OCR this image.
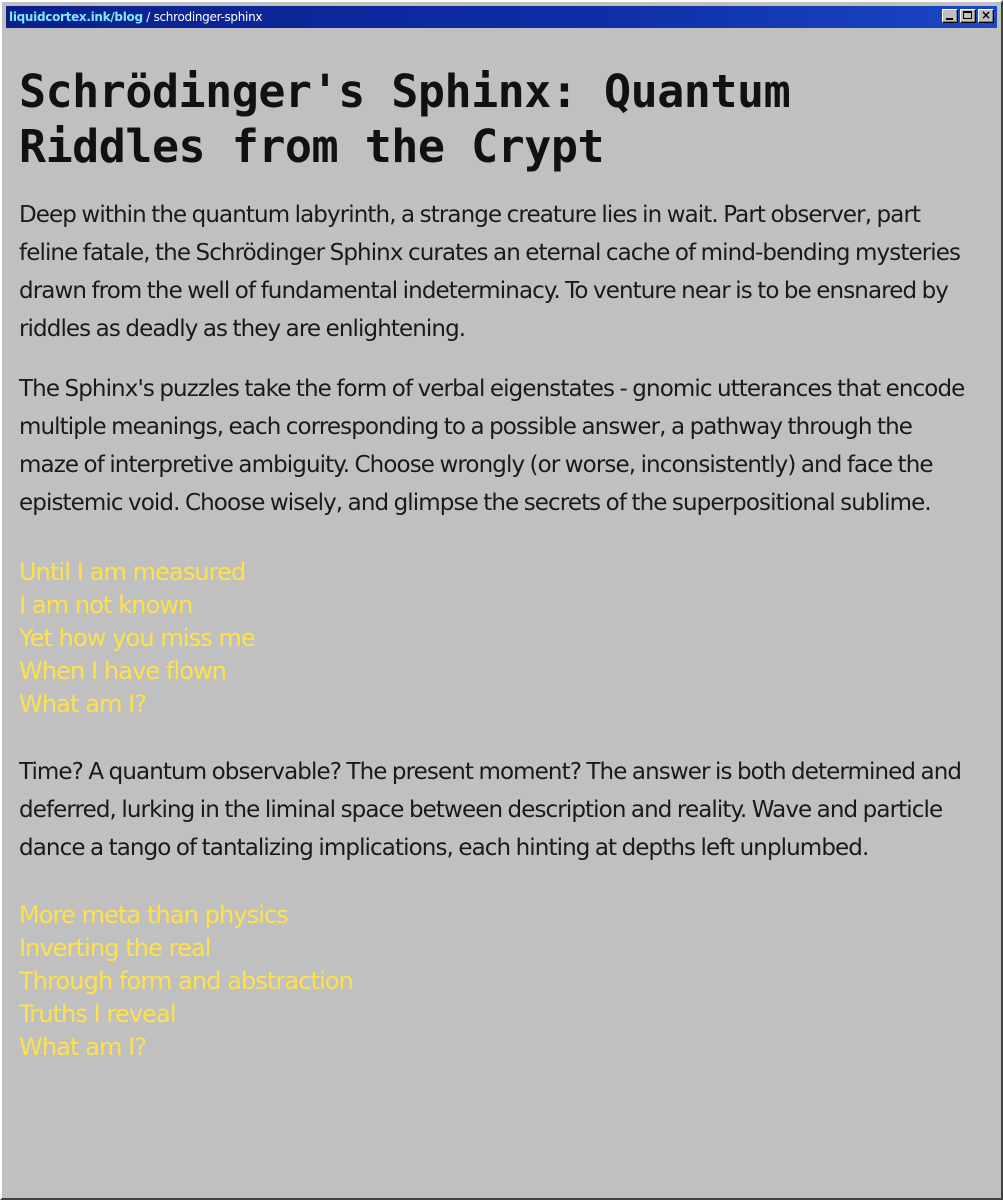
liquidcortex.ink/blog / schrodinger-sphinx	×
Schrödinger's Sphinx: Quantum Riddles from the Crypt

Deep within the quantum labyrinth, a strange creature lies in wait. Part observer, part feline fatale, the Schrödinger Sphinx curates an eternal cache of mind-bending mysteries drawn from the well of fundamental indeterminacy. To venture near is to be ensnared by riddles as deadly as they are enlightening.

The Sphinx's puzzles take the form of verbal eigenstates - gnomic utterances that encode multiple meanings, each corresponding to a possible answer, a pathway through the maze of interpretive ambiguity. Choose wrongly (or worse, inconsistently) and face the epistemic void. Choose wisely, and glimpse the secrets of the superpositional sublime.

Until I am measured
I am not known
Yet how you miss me
When I have flown
What am I?

Time? A quantum observable? The present moment? The answer is both determined and deferred, lurking in the liminal space between description and reality. Wave and particle dance a tango of tantalizing implications, each hinting at depths left unplumbed.

More meta than physics
Inverting the real
Through form and abstraction
Truths I reveal
What am I?
